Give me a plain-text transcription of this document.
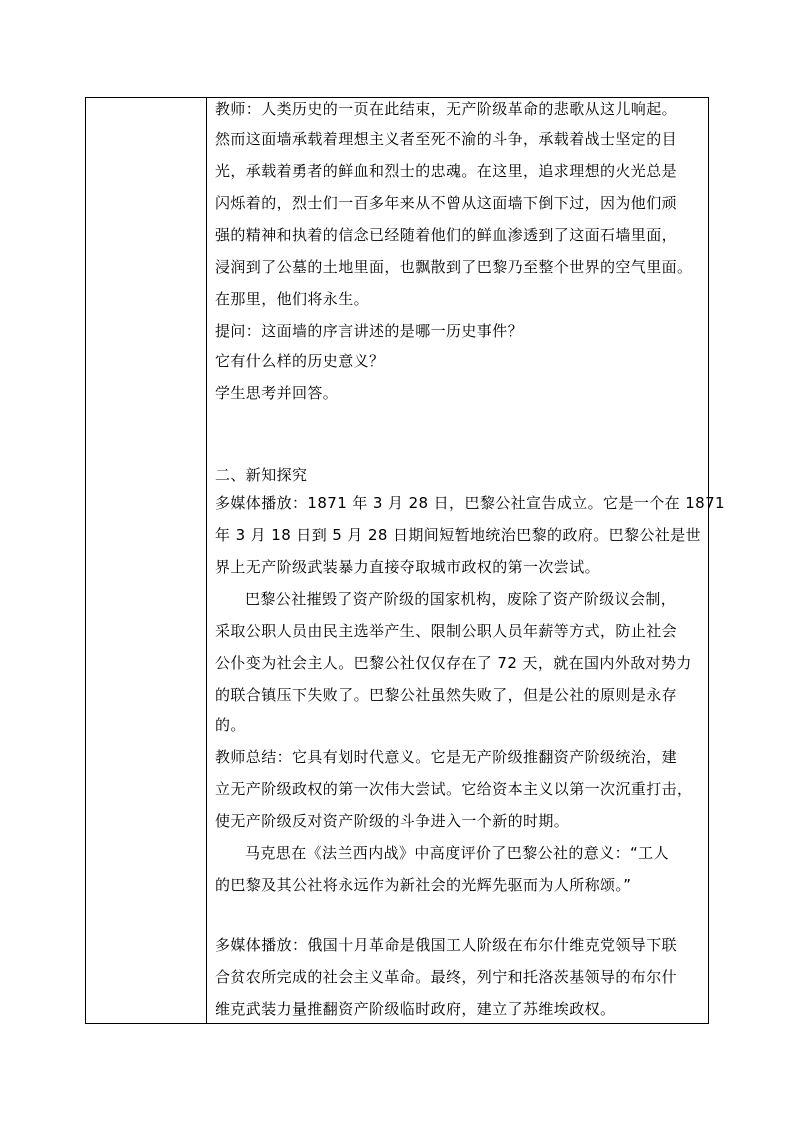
教师：人类历史的一页在此结束，无产阶级革命的悲歌从这儿响起。
然而这面墙承载着理想主义者至死不渝的斗争，承载着战士坚定的目
光，承载着勇者的鲜血和烈士的忠魂。在这里，追求理想的火光总是
闪烁着的，烈士们一百多年来从不曾从这面墙下倒下过，因为他们顽
强的精神和执着的信念已经随着他们的鲜血渗透到了这面石墙里面，
浸润到了公墓的土地里面，也飘散到了巴黎乃至整个世界的空气里面。
在那里，他们将永生。
提问：这面墙的序言讲述的是哪一历史事件？
它有什么样的历史意义？
学生思考并回答。
二、新知探究
多媒体播放：1871 年 3 月 28 日，巴黎公社宣告成立。它是一个在 1871
年 3 月 18 日到 5 月 28 日期间短暂地统治巴黎的政府。巴黎公社是世
界上无产阶级武装暴力直接夺取城市政权的第一次尝试。
巴黎公社摧毁了资产阶级的国家机构，废除了资产阶级议会制，
采取公职人员由民主选举产生、限制公职人员年薪等方式，防止社会
公仆变为社会主人。巴黎公社仅仅存在了 72 天，就在国内外敌对势力
的联合镇压下失败了。巴黎公社虽然失败了，但是公社的原则是永存
的。
教师总结：它具有划时代意义。它是无产阶级推翻资产阶级统治，建
立无产阶级政权的第一次伟大尝试。它给资本主义以第一次沉重打击，
使无产阶级反对资产阶级的斗争进入一个新的时期。
马克思在《法兰西内战》中高度评价了巴黎公社的意义：“工人
的巴黎及其公社将永远作为新社会的光辉先驱而为人所称颂。”
多媒体播放：俄国十月革命是俄国工人阶级在布尔什维克党领导下联
合贫农所完成的社会主义革命。最终，列宁和托洛茨基领导的布尔什
维克武装力量推翻资产阶级临时政府，建立了苏维埃政权。
